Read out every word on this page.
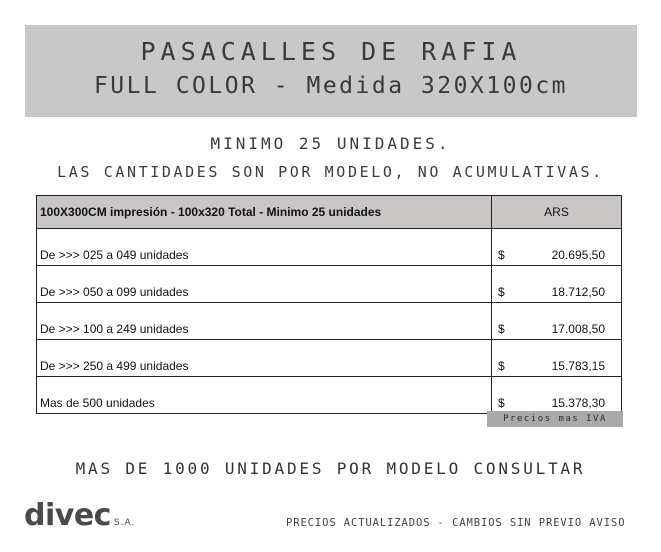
PASACALLES DE RAFIA
FULL COLOR - Medida 320X100cm
MINIMO 25 UNIDADES.
LAS CANTIDADES SON POR MODELO, NO ACUMULATIVAS.
100X300CM impresión - 100x320 Total - Minimo 25 unidades	ARS
De >>> 025 a 049 unidades	$ 20.695,50

De >>> 050 a 099 unidades	$ 18.712,50

De >>> 100 a 249 unidades	$ 17.008,50

De >>> 250 a 499 unidades	$ 15.783,15

Mas de 500 unidades	$ 15.378,30
Precios mas IVA
MAS DE 1000 UNIDADES POR MODELO CONSULTAR
divec S.A.	PRECIOS ACTUALIZADOS - CAMBIOS SIN PREVIO AVISO
